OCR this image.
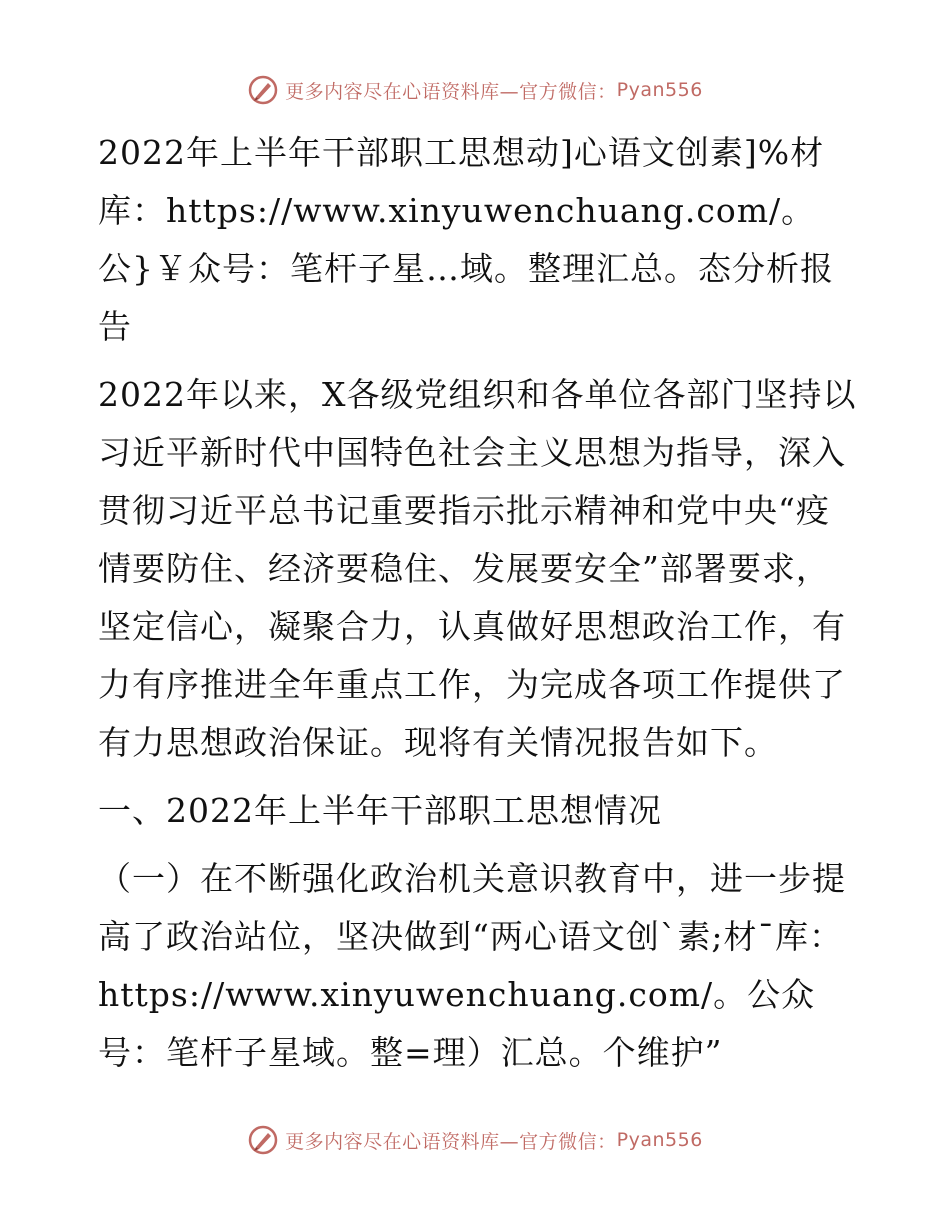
更多内容尽在心语资料库—官方微信： Pyan556

2022年上半年干部职工思想动]心语文创素]%材库：https://www.xinyuwenchuang.com/。公}￥众号：笔杆子星…域。整理汇总。态分析报告

2022年以来，X各级党组织和各单位各部门坚持以习近平新时代中国特色社会主义思想为指导，深入贯彻习近平总书记重要指示批示精神和党中央“疫情要防住、经济要稳住、发展要安全”部署要求，坚定信心，凝聚合力，认真做好思想政治工作，有力有序推进全年重点工作，为完成各项工作提供了有力思想政治保证。现将有关情况报告如下。

一、2022年上半年干部职工思想情况

（一）在不断强化政治机关意识教育中，进一步提高了政治站位，坚决做到“两心语文创`素;材¯库：https://www.xinyuwenchuang.com/。公众号：笔杆子星域。整=理）汇总。个维护”

更多内容尽在心语资料库—官方微信： Pyan556
